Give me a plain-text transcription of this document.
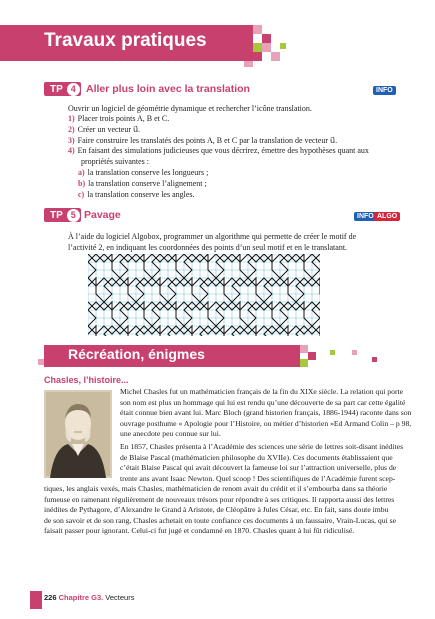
Travaux pratiques
TP 4 Aller plus loin avec la translation	INFO
Ouvrir un logiciel de géométrie dynamique et rechercher l’icône translation.
1) Placer trois points A, B et C.
2) Créer un vecteur u⃗.
3) Faire construire les translatés des points A, B et C par la translation de vecteur u⃗.
4) En faisant des simulations judicieuses que vous décrirez, émettre des hypothèses quant aux
propriétés suivantes :
a) la translation conserve les longueurs ;
b) la translation conserve l’alignement ;
c) la translation conserve les angles.
TP 5 Pavage	INFO ALGO
À l’aide du logiciel Algobox, programmer un algorithme qui permette de créer le motif de
l’activité 2, en indiquant les coordonnées des points d’un seul motif et en le translatant.
Récréation, énigmes
Chasles, l’histoire...
Michel Chasles fut un mathématicien français de la fin du XIXe siècle. La relation qui porte
son nom est plus un hommage qui lui est rendu qu’une découverte de sa part car cette égalité
était connue bien avant lui. Marc Bloch (grand historien français, 1886-1944) raconte dans son
ouvrage posthume « Apologie pour l’Histoire, ou métier d’historien »Ed Armand Colin – p 98,
une anecdote peu connue sur lui.
En 1857, Chasles présenta à l’Académie des sciences une série de lettres soit-disant inédites
de Blaise Pascal (mathématicien philosophe du XVIIe). Ces documents établissaient que
c’était Blaise Pascal qui avait découvert la fameuse loi sur l’attraction universelle, plus de
trente ans avant Isaac Newton. Quel scoop ! Des scientifiques de l’Académie furent scep-
tiques, les anglais vexés, mais Chasles, mathématicien de renom avait du crédit et il s’embourba dans sa théorie
fumeuse en ramenant régulièrement de nouveaux trésors pour répondre à ses critiques. Il rapporta aussi des lettres
inédites de Pythagore, d’Alexandre le Grand à Aristote, de Cléopâtre à Jules César, etc. En fait, sans doute imbu
de son savoir et de son rang, Chasles achetait en toute confiance ces documents à un faussaire, Vrain-Lucas, qui se
faisait passer pour ignorant. Celui-ci fut jugé et condamné en 1870. Chasles quant à lui fût ridiculisé.
226 Chapitre G3. Vecteurs
